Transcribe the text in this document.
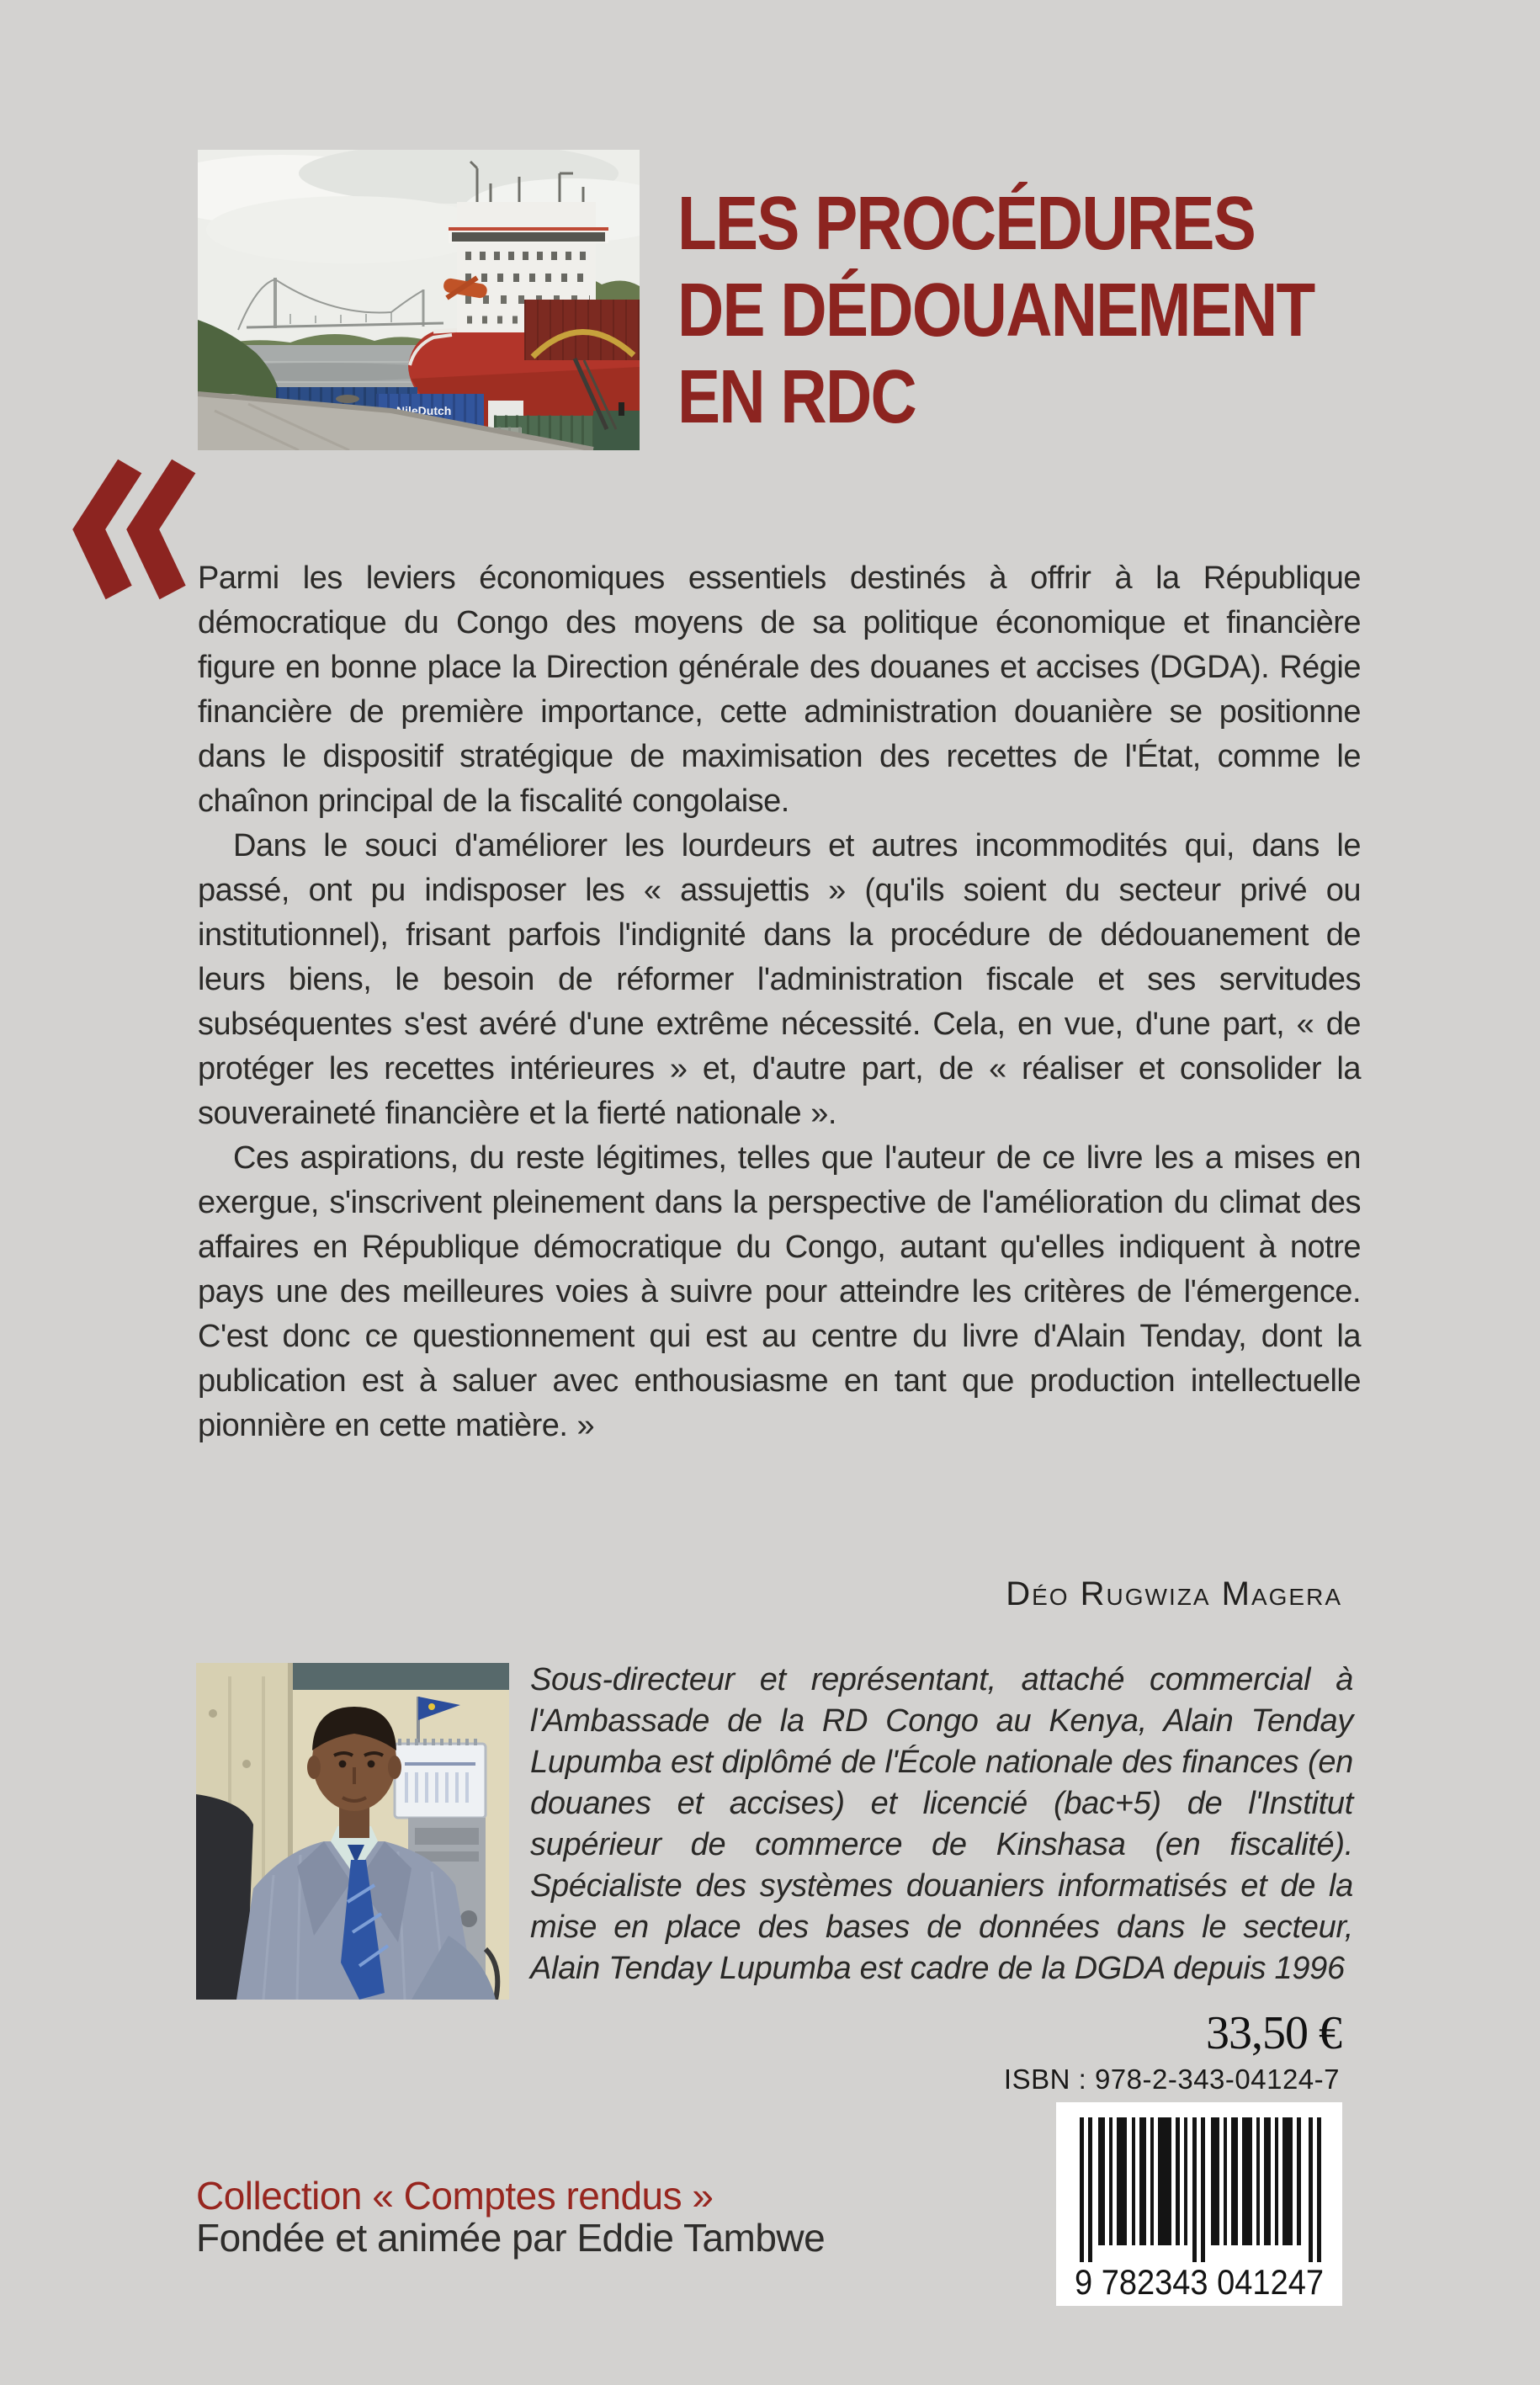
NileDutch
LES PROCÉDURES
DE DÉDOUANEMENT
EN RDC

Parmi les leviers économiques essentiels destinés à offrir à la République démocratique du Congo des moyens de sa politique économique et financière figure en bonne place la Direction générale des douanes et accises (DGDA). Régie financière de première importance, cette administration douanière se positionne dans le dispositif stratégique de maximisation des recettes de l'État, comme le chaînon principal de la fiscalité congolaise.

Dans le souci d'améliorer les lourdeurs et autres incommodités qui, dans le passé, ont pu indisposer les « assujettis » (qu'ils soient du secteur privé ou institutionnel), frisant parfois l'indignité dans la procédure de dédouanement de leurs biens, le besoin de réformer l'administration fiscale et ses servitudes subséquentes s'est avéré d'une extrême nécessité. Cela, en vue, d'une part, « de protéger les recettes intérieures » et, d'autre part, de « réaliser et consolider la souveraineté financière et la fierté nationale ».

Ces aspirations, du reste légitimes, telles que l'auteur de ce livre les a mises en exergue, s'inscrivent pleinement dans la perspective de l'amélioration du climat des affaires en République démocratique du Congo, autant qu'elles indiquent à notre pays une des meilleures voies à suivre pour atteindre les critères de l'émergence. C'est donc ce questionnement qui est au centre du livre d'Alain Tenday, dont la publication est à saluer avec enthousiasme en tant que production intellectuelle pionnière en cette matière. »

Déo Rugwiza Magera
Sous-directeur et représentant, attaché commercial à l'Ambassade de la RD Congo au Kenya, Alain Tenday Lupumba est diplômé de l'École nationale des finances (en douanes et accises) et licencié (bac+5) de l'Institut supérieur de commerce de Kinshasa (en fiscalité). Spécialiste des systèmes douaniers informatisés et de la mise en place des bases de données dans le secteur, Alain Tenday Lupumba est cadre de la DGDA depuis 1996
33,50 €
ISBN : 978-2-343-04124-7
9 782343 041247
Collection « Comptes rendus »
Fondée et animée par Eddie Tambwe
